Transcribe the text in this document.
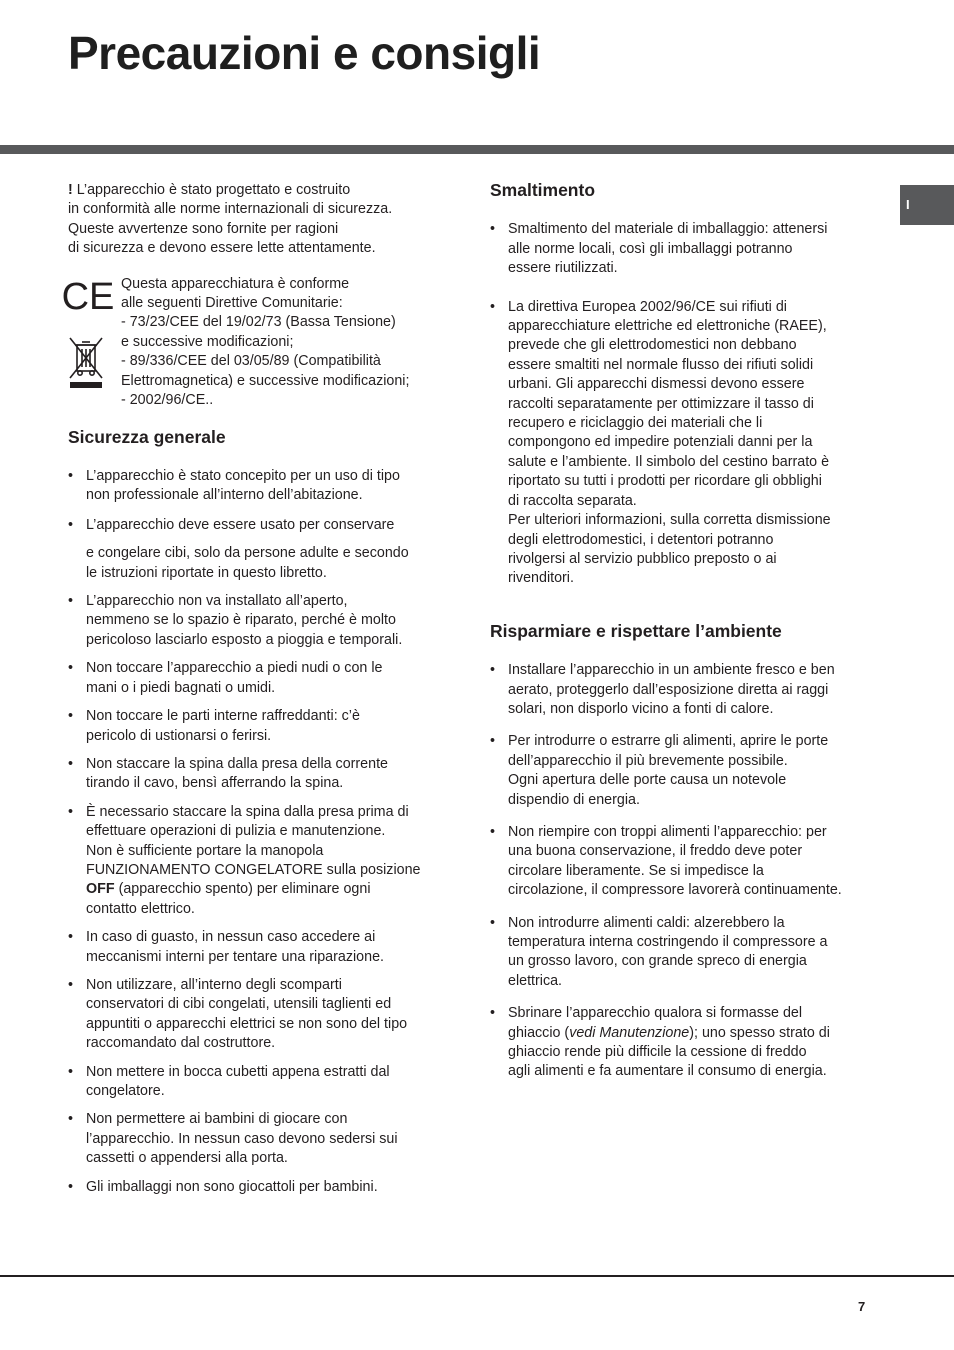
Precauzioni e consigli
I

! L’apparecchio è stato progettato e costruito

in conformità alle norme internazionali di sicurezza.

Queste avvertenze sono fornite per ragioni

di sicurezza e devono essere lette attentamente.

CE Questa apparecchiatura è conforme

alle seguenti Direttive Comunitarie:

- 73/23/CEE del 19/02/73 (Bassa Tensione)

e successive modificazioni;

- 89/336/CEE del 03/05/89 (Compatibilità

Elettromagnetica) e successive modificazioni;

- 2002/96/CE..

Sicurezza generale

• L’apparecchio è stato concepito per un uso di tipo

non professionale all’interno dell’abitazione.

• L’apparecchio deve essere usato per conservare

e congelare cibi, solo da persone adulte e secondo

le istruzioni riportate in questo libretto.

• L’apparecchio non va installato all’aperto,

nemmeno se lo spazio è riparato, perché è molto

pericoloso lasciarlo esposto a pioggia e temporali.

• Non toccare l’apparecchio a piedi nudi o con le

mani o i piedi bagnati o umidi.

• Non toccare le parti interne raffreddanti: c’è

pericolo di ustionarsi o ferirsi.

• Non staccare la spina dalla presa della corrente

tirando il cavo, bensì afferrando la spina.

• È necessario staccare la spina dalla presa prima di

effettuare operazioni di pulizia e manutenzione.

Non è sufficiente portare la manopola

FUNZIONAMENTO CONGELATORE sulla posizione

OFF (apparecchio spento) per eliminare ogni

contatto elettrico.

• In caso di guasto, in nessun caso accedere ai

meccanismi interni per tentare una riparazione.

• Non utilizzare, all’interno degli scomparti

conservatori di cibi congelati, utensili taglienti ed

appuntiti o apparecchi elettrici se non sono del tipo

raccomandato dal costruttore.

• Non mettere in bocca cubetti appena estratti dal

congelatore.

• Non permettere ai bambini di giocare con

l’apparecchio. In nessun caso devono sedersi sui

cassetti o appendersi alla porta.

• Gli imballaggi non sono giocattoli per bambini.

Smaltimento

• Smaltimento del materiale di imballaggio: attenersi

alle norme locali, così gli imballaggi potranno

essere riutilizzati.

• La direttiva Europea 2002/96/CE sui rifiuti di

apparecchiature elettriche ed elettroniche (RAEE),

prevede che gli elettrodomestici non debbano

essere smaltiti nel normale flusso dei rifiuti solidi

urbani. Gli apparecchi dismessi devono essere

raccolti separatamente per ottimizzare il tasso di

recupero e riciclaggio dei materiali che li

compongono ed impedire potenziali danni per la

salute e l’ambiente. Il simbolo del cestino barrato è

riportato su tutti i prodotti per ricordare gli obblighi

di raccolta separata.

Per ulteriori informazioni, sulla corretta dismissione

degli elettrodomestici, i detentori potranno

rivolgersi al servizio pubblico preposto o ai

rivenditori.

Risparmiare e rispettare l’ambiente

• Installare l’apparecchio in un ambiente fresco e ben

aerato, proteggerlo dall’esposizione diretta ai raggi

solari, non disporlo vicino a fonti di calore.

• Per introdurre o estrarre gli alimenti, aprire le porte

dell’apparecchio il più brevemente possibile.

Ogni apertura delle porte causa un notevole

dispendio di energia.

• Non riempire con troppi alimenti l’apparecchio: per

una buona conservazione, il freddo deve poter

circolare liberamente. Se si impedisce la

circolazione, il compressore lavorerà continuamente.

• Non introdurre alimenti caldi: alzerebbero la

temperatura interna costringendo il compressore a

un grosso lavoro, con grande spreco di energia

elettrica.

• Sbrinare l’apparecchio qualora si formasse del

ghiaccio (vedi Manutenzione); uno spesso strato di

ghiaccio rende più difficile la cessione di freddo

agli alimenti e fa aumentare il consumo di energia.

7
